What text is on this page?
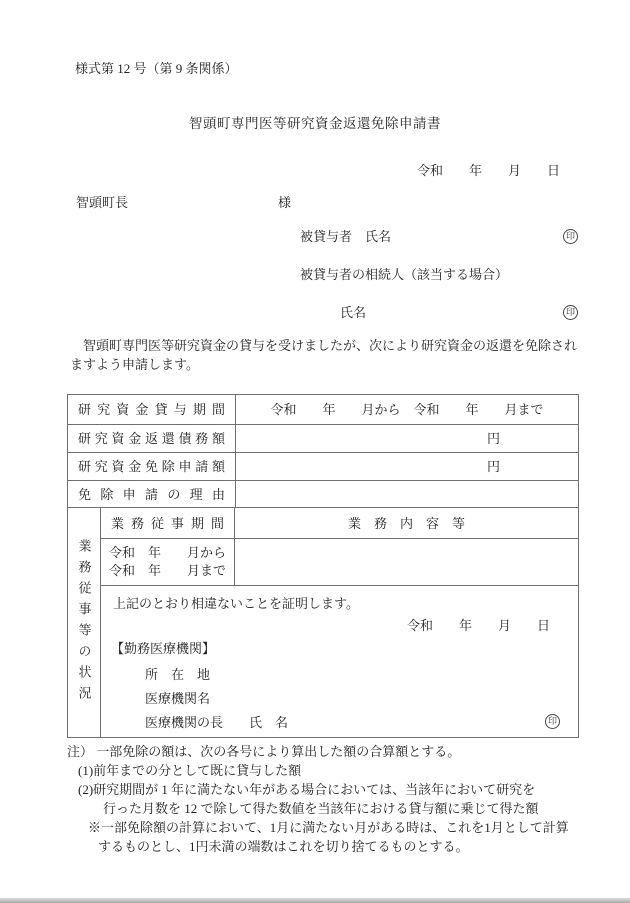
様式第 12 号（第 9 条関係）
智頭町専門医等研究資金返還免除申請書
令和　　年　　月　　日
智頭町長	様
被貸与者　氏名	印
被貸与者の相続人（該当する場合）
氏名	印
　智頭町専門医等研究資金の貸与を受けましたが、次により研究資金の返還を免除されますよう申請します。
研究資金貸与期間	令和　　年　　月から　令和　　年　　月まで
研究資金返還債務額	円
研究資金免除申請額	円
免除申請の理由
業務従事等の状況
業務従事期間	業　務　内　容　等
令和　年　　月から
令和　年　　月まで
上記のとおり相違ないことを証明します。
令和　　年　　月　　日
【勤務医療機関】
所　在　地
医療機関名
医療機関の長　　氏　名	印
注） 一部免除の額は、次の各号により算出した額の合算額とする。
(1)前年までの分として既に貸与した額
(2)研究期間が 1 年に満たない年がある場合においては、当該年において研究を
行った月数を 12 で除して得た数値を当該年における貸与額に乗じて得た額
※一部免除額の計算において、1月に満たない月がある時は、これを1月として計算
するものとし、1円未満の端数はこれを切り捨てるものとする。
